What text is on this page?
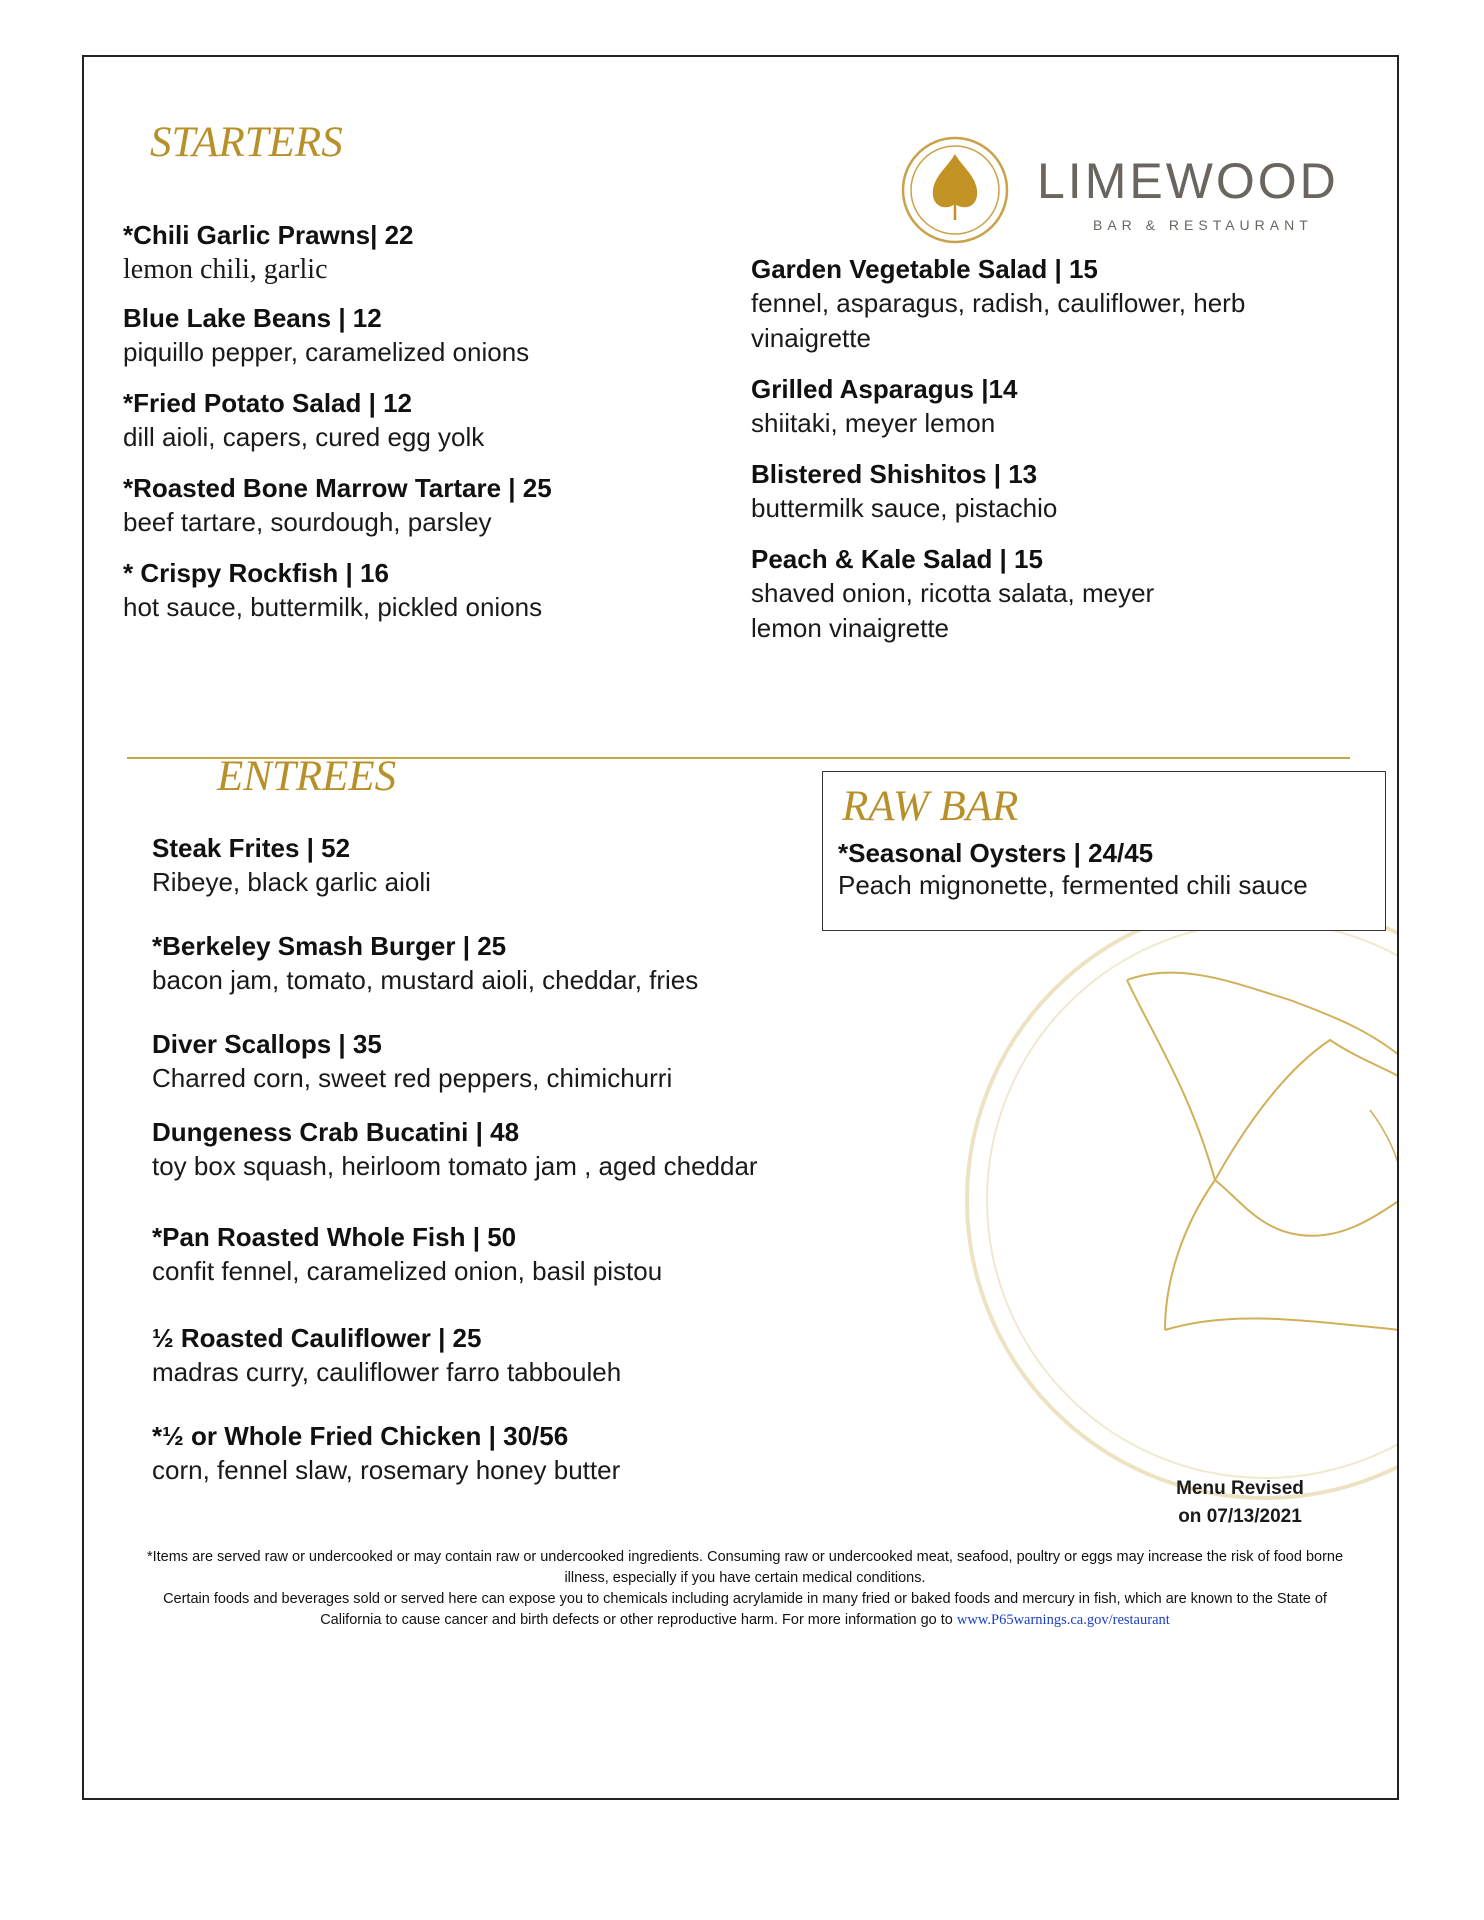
LIMEWOOD
BAR & RESTAURANT
STARTERS
*Chili Garlic Prawns| 22
lemon chili, garlic
Blue Lake Beans | 12
piquillo pepper, caramelized onions
*Fried Potato Salad | 12
dill aioli, capers, cured egg yolk
*Roasted Bone Marrow Tartare | 25
beef tartare, sourdough, parsley
* Crispy Rockfish | 16
hot sauce, buttermilk, pickled onions
Garden Vegetable Salad | 15
fennel, asparagus, radish, cauliflower, herb vinaigrette
Grilled Asparagus |14
shiitaki, meyer lemon
Blistered Shishitos | 13
buttermilk sauce, pistachio
Peach & Kale Salad | 15
shaved onion, ricotta salata, meyer lemon vinaigrette
ENTREES
Steak Frites | 52
Ribeye, black garlic aioli
*Berkeley Smash Burger | 25
bacon jam, tomato, mustard aioli, cheddar, fries
Diver Scallops | 35
Charred corn, sweet red peppers, chimichurri
Dungeness Crab Bucatini | 48
toy box squash, heirloom tomato jam , aged cheddar
*Pan Roasted Whole Fish | 50
confit fennel, caramelized onion, basil pistou
½ Roasted Cauliflower | 25
madras curry, cauliflower farro tabbouleh
*½ or Whole Fried Chicken | 30/56
corn, fennel slaw, rosemary honey butter
RAW BAR
*Seasonal Oysters | 24/45
Peach mignonette, fermented chili sauce
Menu Revised
on 07/13/2021
*Items are served raw or undercooked or may contain raw or undercooked ingredients. Consuming raw or undercooked meat, seafood, poultry or eggs may increase the risk of food borne illness, especially if you have certain medical conditions.
Certain foods and beverages sold or served here can expose you to chemicals including acrylamide in many fried or baked foods and mercury in fish, which are known to the State of California to cause cancer and birth defects or other reproductive harm. For more information go to www.P65warnings.ca.gov/restaurant
